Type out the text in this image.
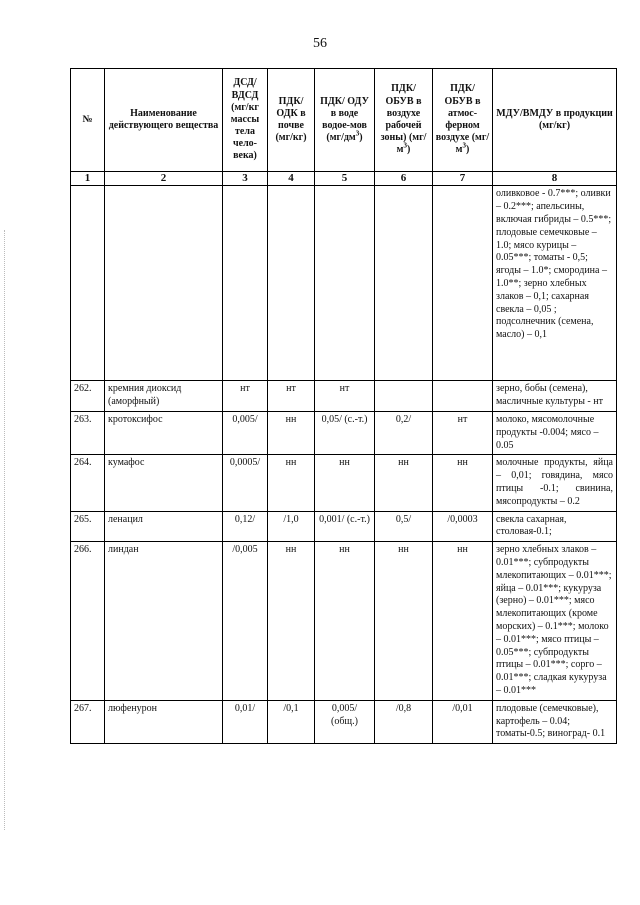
56
№	Наименование действующего вещества	ДСД/ ВДСД (мг/кг массы тела чело-века)	ПДК/ ОДК в почве (мг/кг)	ПДК/ ОДУ в воде водое-мов $(мг/дм^3)$	ПДК/ ОБУВ в воздухе рабочей зоны) $(мг/м^3)$	ПДК/ ОБУВ в атмос-ферном воздухе $(мг/м^3)$	МДУ/ВМДУ в продукции (мг/кг)
1	2	3	4	5	6	7	8
							оливковое - 0.7***; оливки – 0.2***; апельсины, включая гибриды – 0.5***; плодовые семечковые – 1.0; мясо курицы – 0.05***; томаты - 0,5; ягоды – 1.0*; смородина – 1.0**; зерно хлебных злаков – 0,1; сахарная свекла – 0,05 ; подсолнечник (семена, масло) – 0,1
262.	кремния диоксид (аморфный)	нт	нт	нт			зерно, бобы (семена), масличные культуры - нт
263.	кротоксифос	0,005/	нн	0,05/ (с.-т.)	0,2/	нт	молоко, мясомолочные продукты -0.004; мясо – 0.05
264.	кумафос	0,0005/	нн	нн	нн	нн	молочные продукты, яйца – 0,01; говядина, мясо птицы -0.1; свинина, мясопродукты – 0.2
265.	ленацил	0,12/	/1,0	0,001/ (с.-т.)	0,5/	/0,0003	свекла сахарная, столовая-0.1;
266.	линдан	/0,005	нн	нн	нн	нн	зерно хлебных злаков – 0.01***; субпродукты млекопитающих – 0.01***; яйца – 0.01***; кукуруза (зерно) – 0.01***; мясо млекопитающих (кроме морских) – 0.1***; молоко – 0.01***; мясо птицы – 0.05***; субпродукты птицы – 0.01***; сорго – 0.01***; сладкая кукуруза – 0.01***
267.	люфенурон	0,01/	/0,1	0,005/ (общ.)	/0,8	/0,01	плодовые (семечковые), картофель – 0.04; томаты-0.5; виноград- 0.1
